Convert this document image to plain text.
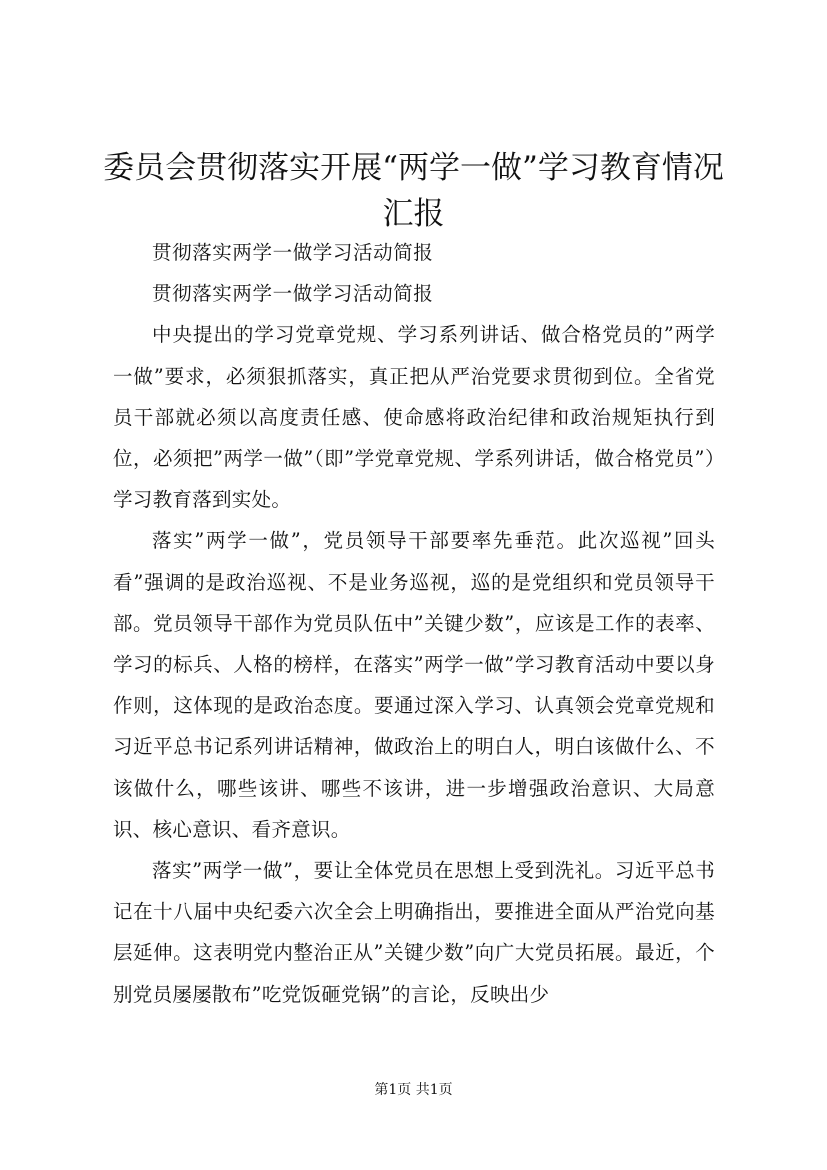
委员会贯彻落实开展“两学一做”学习教育情况汇报

贯彻落实两学一做学习活动简报

贯彻落实两学一做学习活动简报

中央提出的学习党章党规、学习系列讲话、做合格党员的”两学一做”要求，必须狠抓落实，真正把从严治党要求贯彻到位。全省党员干部就必须以高度责任感、使命感将政治纪律和政治规矩执行到位，必须把”两学一做”（即”学党章党规、学系列讲话，做合格党员”）学习教育落到实处。

落实”两学一做”，党员领导干部要率先垂范。此次巡视”回头看”强调的是政治巡视、不是业务巡视，巡的是党组织和党员领导干部。党员领导干部作为党员队伍中”关键少数”，应该是工作的表率、学习的标兵、人格的榜样，在落实”两学一做”学习教育活动中要以身作则，这体现的是政治态度。要通过深入学习、认真领会党章党规和习近平总书记系列讲话精神，做政治上的明白人，明白该做什么、不该做什么，哪些该讲、哪些不该讲，进一步增强政治意识、大局意识、核心意识、看齐意识。

落实”两学一做”，要让全体党员在思想上受到洗礼。习近平总书记在十八届中央纪委六次全会上明确指出，要推进全面从严治党向基层延伸。这表明党内整治正从”关键少数”向广大党员拓展。最近，个别党员屡屡散布”吃党饭砸党锅”的言论，反映出少

第1页 共1页
